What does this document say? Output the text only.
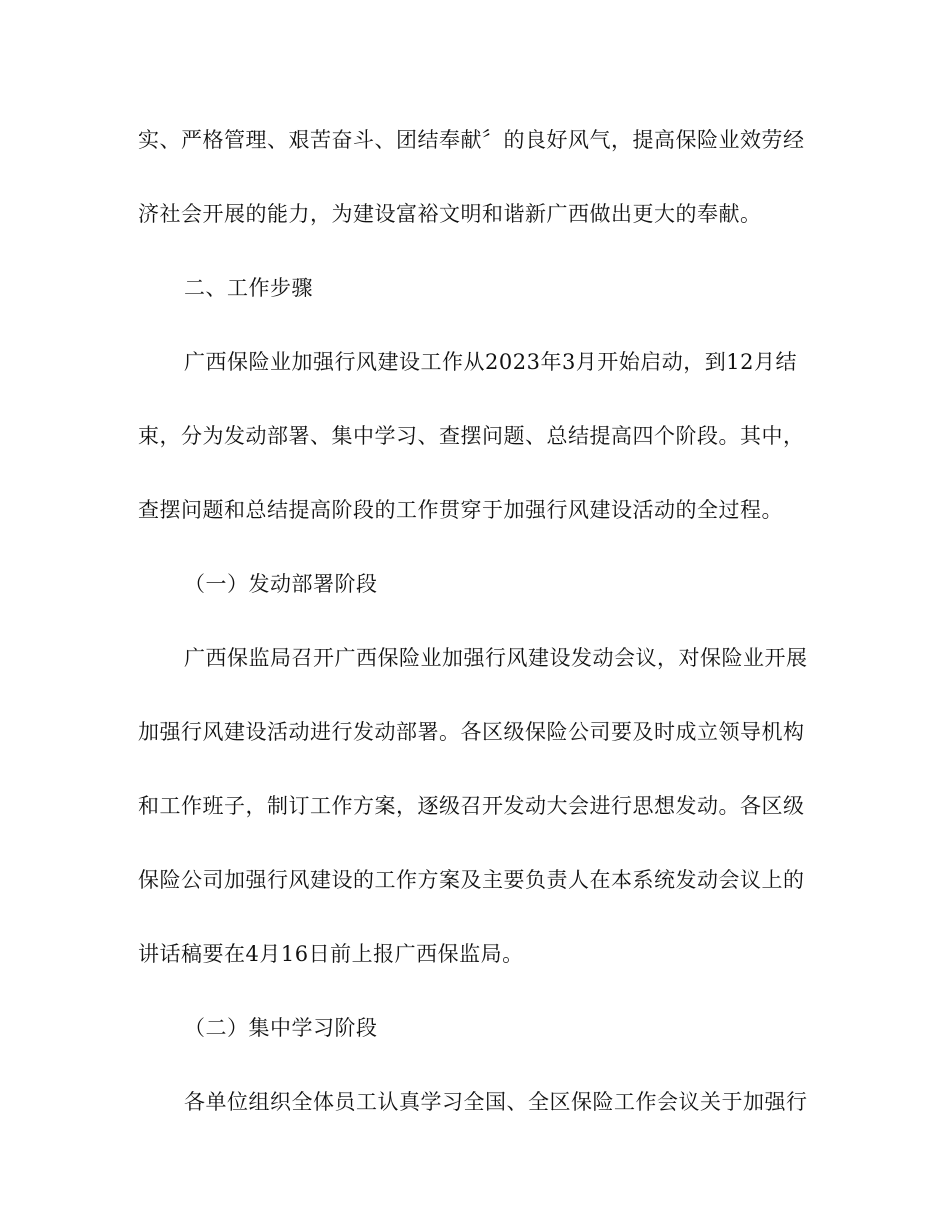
实、严格管理、艰苦奋斗、团结奉献〞的良好风气，提高保险业效劳经
济社会开展的能力，为建设富裕文明和谐新广西做出更大的奉献。
二、工作步骤
广西保险业加强行风建设工作从2023年3月开始启动，到12月结
束，分为发动部署、集中学习、查摆问题、总结提高四个阶段。其中，
查摆问题和总结提高阶段的工作贯穿于加强行风建设活动的全过程。
（一）发动部署阶段
广西保监局召开广西保险业加强行风建设发动会议，对保险业开展
加强行风建设活动进行发动部署。各区级保险公司要及时成立领导机构
和工作班子，制订工作方案，逐级召开发动大会进行思想发动。各区级
保险公司加强行风建设的工作方案及主要负责人在本系统发动会议上的
讲话稿要在4月16日前上报广西保监局。
（二）集中学习阶段
各单位组织全体员工认真学习全国、全区保险工作会议关于加强行
